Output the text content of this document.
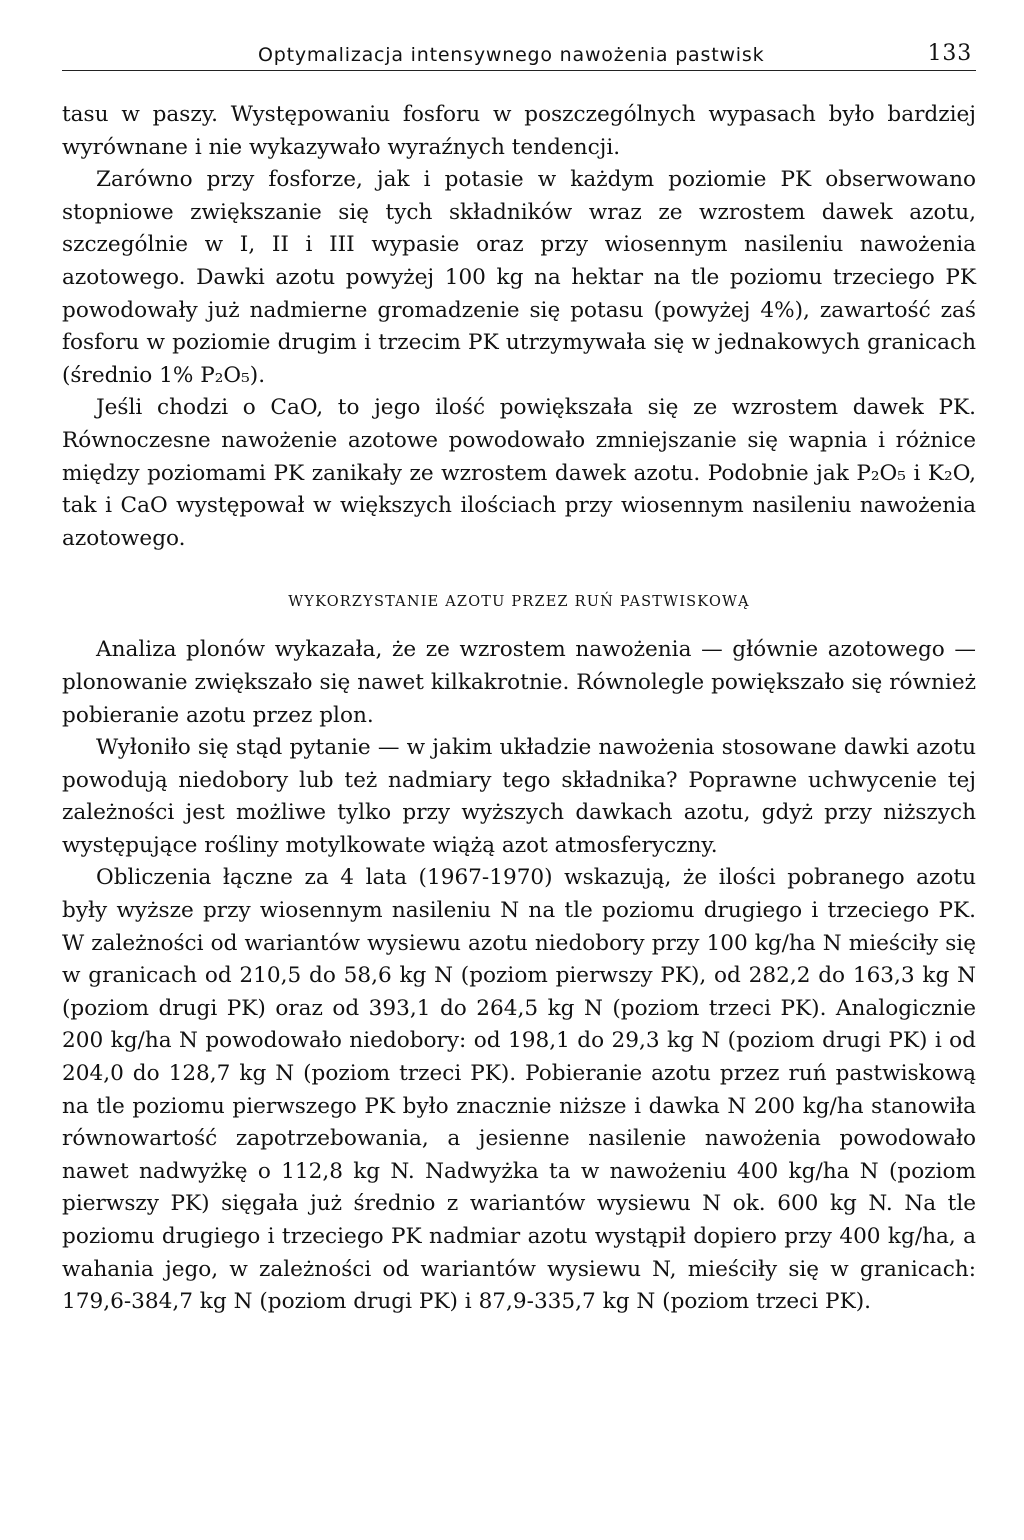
Optymalizacja intensywnego nawożenia pastwisk	133

tasu w paszy. Występowaniu fosforu w poszczególnych wypasach było bardziej wyrównane i nie wykazywało wyraźnych tendencji.

Zarówno przy fosforze, jak i potasie w każdym poziomie PK obserwowano stopniowe zwiększanie się tych składników wraz ze wzrostem dawek azotu, szczególnie w I, II i III wypasie oraz przy wiosennym nasileniu nawożenia azotowego. Dawki azotu powyżej 100 kg na hektar na tle poziomu trzeciego PK powodowały już nadmierne gromadzenie się potasu (powyżej 4%), zawartość zaś fosforu w poziomie drugim i trzecim PK utrzymywała się w jednakowych granicach (średnio 1% P₂O₅).

Jeśli chodzi o CaO, to jego ilość powiększała się ze wzrostem dawek PK. Równoczesne nawożenie azotowe powodowało zmniejszanie się wapnia i różnice między poziomami PK zanikały ze wzrostem dawek azotu. Podobnie jak P₂O₅ i K₂O, tak i CaO występował w większych ilościach przy wiosennym nasileniu nawożenia azotowego.

WYKORZYSTANIE AZOTU PRZEZ RUŃ PASTWISKOWĄ

Analiza plonów wykazała, że ze wzrostem nawożenia — głównie azotowego — plonowanie zwiększało się nawet kilkakrotnie. Równolegle powiększało się również pobieranie azotu przez plon.

Wyłoniło się stąd pytanie — w jakim układzie nawożenia stosowane dawki azotu powodują niedobory lub też nadmiary tego składnika? Poprawne uchwycenie tej zależności jest możliwe tylko przy wyższych dawkach azotu, gdyż przy niższych występujące rośliny motylkowate wiążą azot atmosferyczny.

Obliczenia łączne za 4 lata (1967-1970) wskazują, że ilości pobranego azotu były wyższe przy wiosennym nasileniu N na tle poziomu drugiego i trzeciego PK. W zależności od wariantów wysiewu azotu niedobory przy 100 kg/ha N mieściły się w granicach od 210,5 do 58,6 kg N (poziom pierwszy PK), od 282,2 do 163,3 kg N (poziom drugi PK) oraz od 393,1 do 264,5 kg N (poziom trzeci PK). Analogicznie 200 kg/ha N powodowało niedobory: od 198,1 do 29,3 kg N (poziom drugi PK) i od 204,0 do 128,7 kg N (poziom trzeci PK). Pobieranie azotu przez ruń pastwiskową na tle poziomu pierwszego PK było znacznie niższe i dawka N 200 kg/ha stanowiła równowartość zapotrzebowania, a jesienne nasilenie nawożenia powodowało nawet nadwyżkę o 112,8 kg N. Nadwyżka ta w nawożeniu 400 kg/ha N (poziom pierwszy PK) sięgała już średnio z wariantów wysiewu N ok. 600 kg N. Na tle poziomu drugiego i trzeciego PK nadmiar azotu wystąpił dopiero przy 400 kg/ha, a wahania jego, w zależności od wariantów wysiewu N, mieściły się w granicach: 179,6-384,7 kg N (poziom drugi PK) i 87,9-335,7 kg N (poziom trzeci PK).
